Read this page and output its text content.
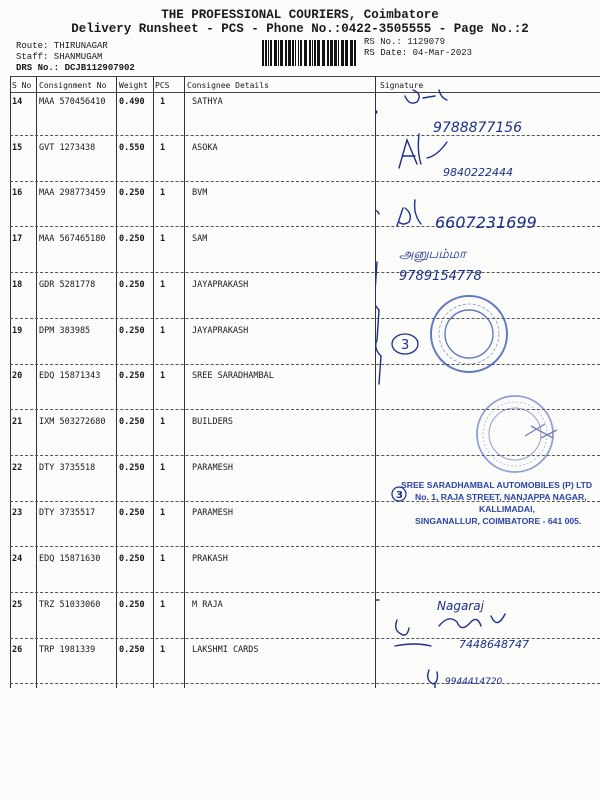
THE PROFESSIONAL COURIERS, Coimbatore
Delivery Runsheet - PCS - Phone No.:0422-3505555 - Page No.:2
Route: THIRUNAGAR
Staff: SHANMUGAM
DRS No.: DCJB112907902
RS No.: 1129079
RS Date: 04-Mar-2023
S No Consignment No Weight PCS Consignee Details	Signature
14 MAA 570456410 0.490 1	SATHYA
15 GVT 1273438	0.550 1	ASOKA
16 MAA 298773459 0.250 1	BVM
17 MAA 567465180 0.250 1	SAM
18 GDR 5281778	0.250 1	JAYAPRAKASH
19 DPM 383985	0.250 1	JAYAPRAKASH
20 EDQ 15871343 0.250 1	SREE SARADHAMBAL
21 IXM 503272680 0.250 1	BUILDERS
22 DTY 3735518	0.250 1	PARAMESH
23 DTY 3735517	0.250 1	PARAMESH
24 EDQ 15871630 0.250 1	PRAKASH
25 TRZ 51033060 0.250 1	M RAJA
26 TRP 1981339	0.250 1	LAKSHMI CARDS
9788877156
9840222444
6607231699
அனுபம்மா
9789154778
7448648747
Nagaraj
9944414720
3
3
SREE SARADHAMBAL AUTOMOBILES (P) LTD
No. 1, RAJA STREET, NANJAPPA NAGAR,
KALLIMADAI,
SINGANALLUR, COIMBATORE - 641 005.
